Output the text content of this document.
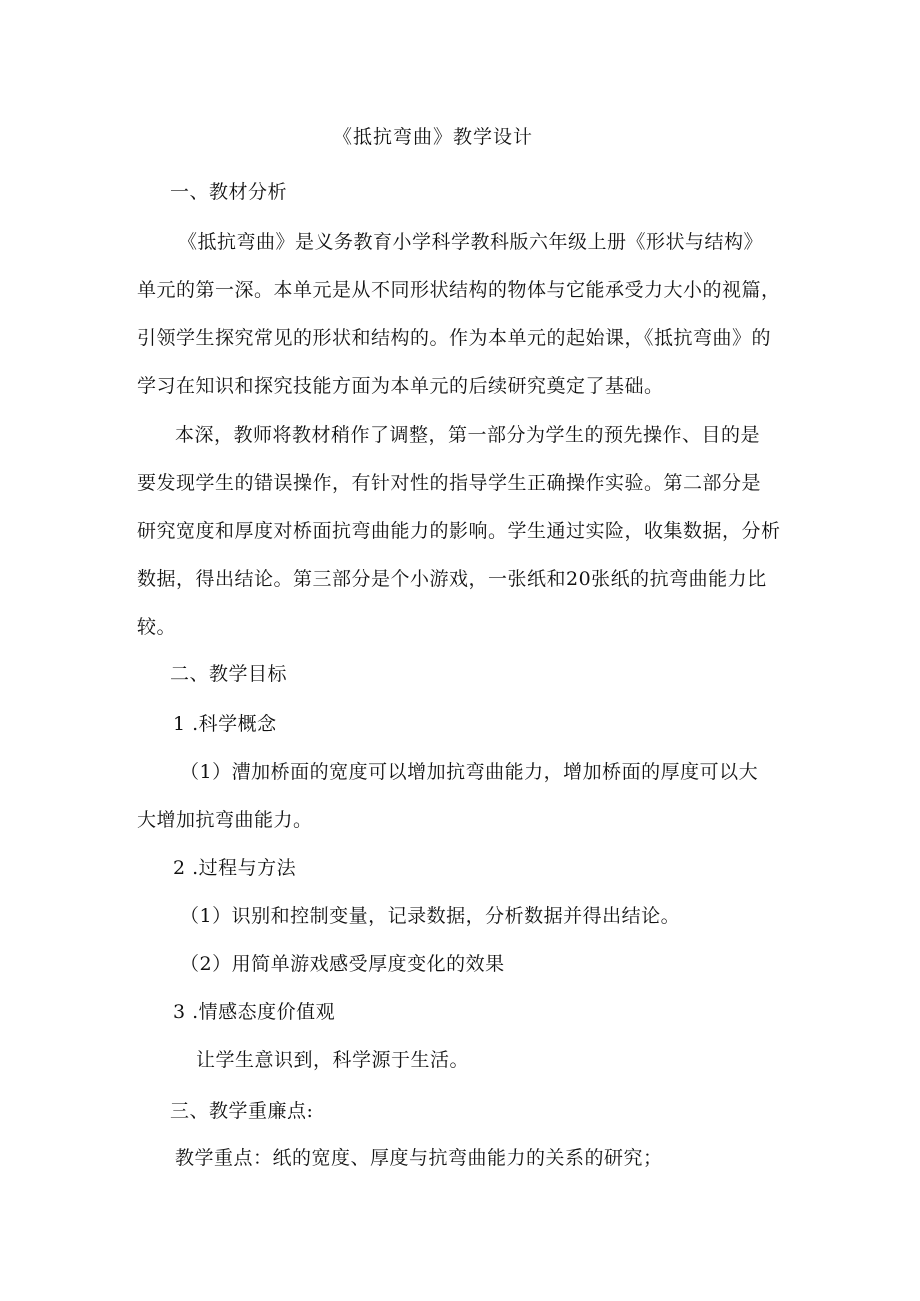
《抵抗弯曲》教学设计
一、教材分析
《抵抗弯曲》是义务教育小学科学教科版六年级上册《形状与结构》
单元的第一深。本单元是从不同形状结构的物体与它能承受力大小的视篇，
引领学生探究常见的形状和结构的。作为本单元的起始课，《抵抗弯曲》的
学习在知识和探究技能方面为本单元的后续研究奠定了基础。
本深，教师将教材稍作了调整，第一部分为学生的预先操作、目的是
要发现学生的错误操作，有针对性的指导学生正确操作实验。第二部分是
研究宽度和厚度对桥面抗弯曲能力的影响。学生通过实险，收集数据，分析
数据，得出结论。第三部分是个小游戏，一张纸和20张纸的抗弯曲能力比
较。
二、教学目标
1 .科学概念
（1）漕加桥面的宽度可以增加抗弯曲能力，增加桥面的厚度可以大
大增加抗弯曲能力。
2 .过程与方法
（1）识别和控制变量，记录数据，分析数据并得出结论。
（2）用简单游戏感受厚度变化的效果
3 .情感态度价值观
让学生意识到，科学源于生活。
三、教学重廉点:
教学重点：纸的宽度、厚度与抗弯曲能力的关系的研究；
